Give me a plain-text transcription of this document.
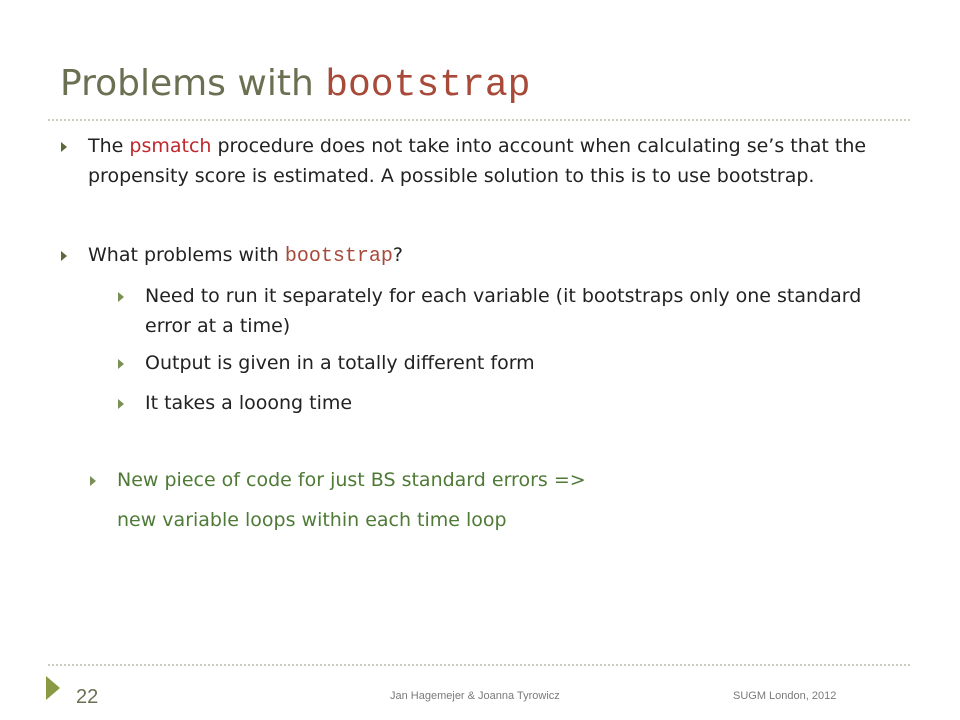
Problems with bootstrap

The psmatch procedure does not take into account when calculating se’s that the propensity score is estimated. A possible solution to this is to use bootstrap.

What problems with bootstrap?

Need to run it separately for each variable (it bootstraps only one standard error at a time)

Output is given in a totally different form

It takes a looong time

New piece of code for just BS standard errors =>

new variable loops within each time loop

22	Jan Hagemejer & Joanna Tyrowicz	SUGM London, 2012
